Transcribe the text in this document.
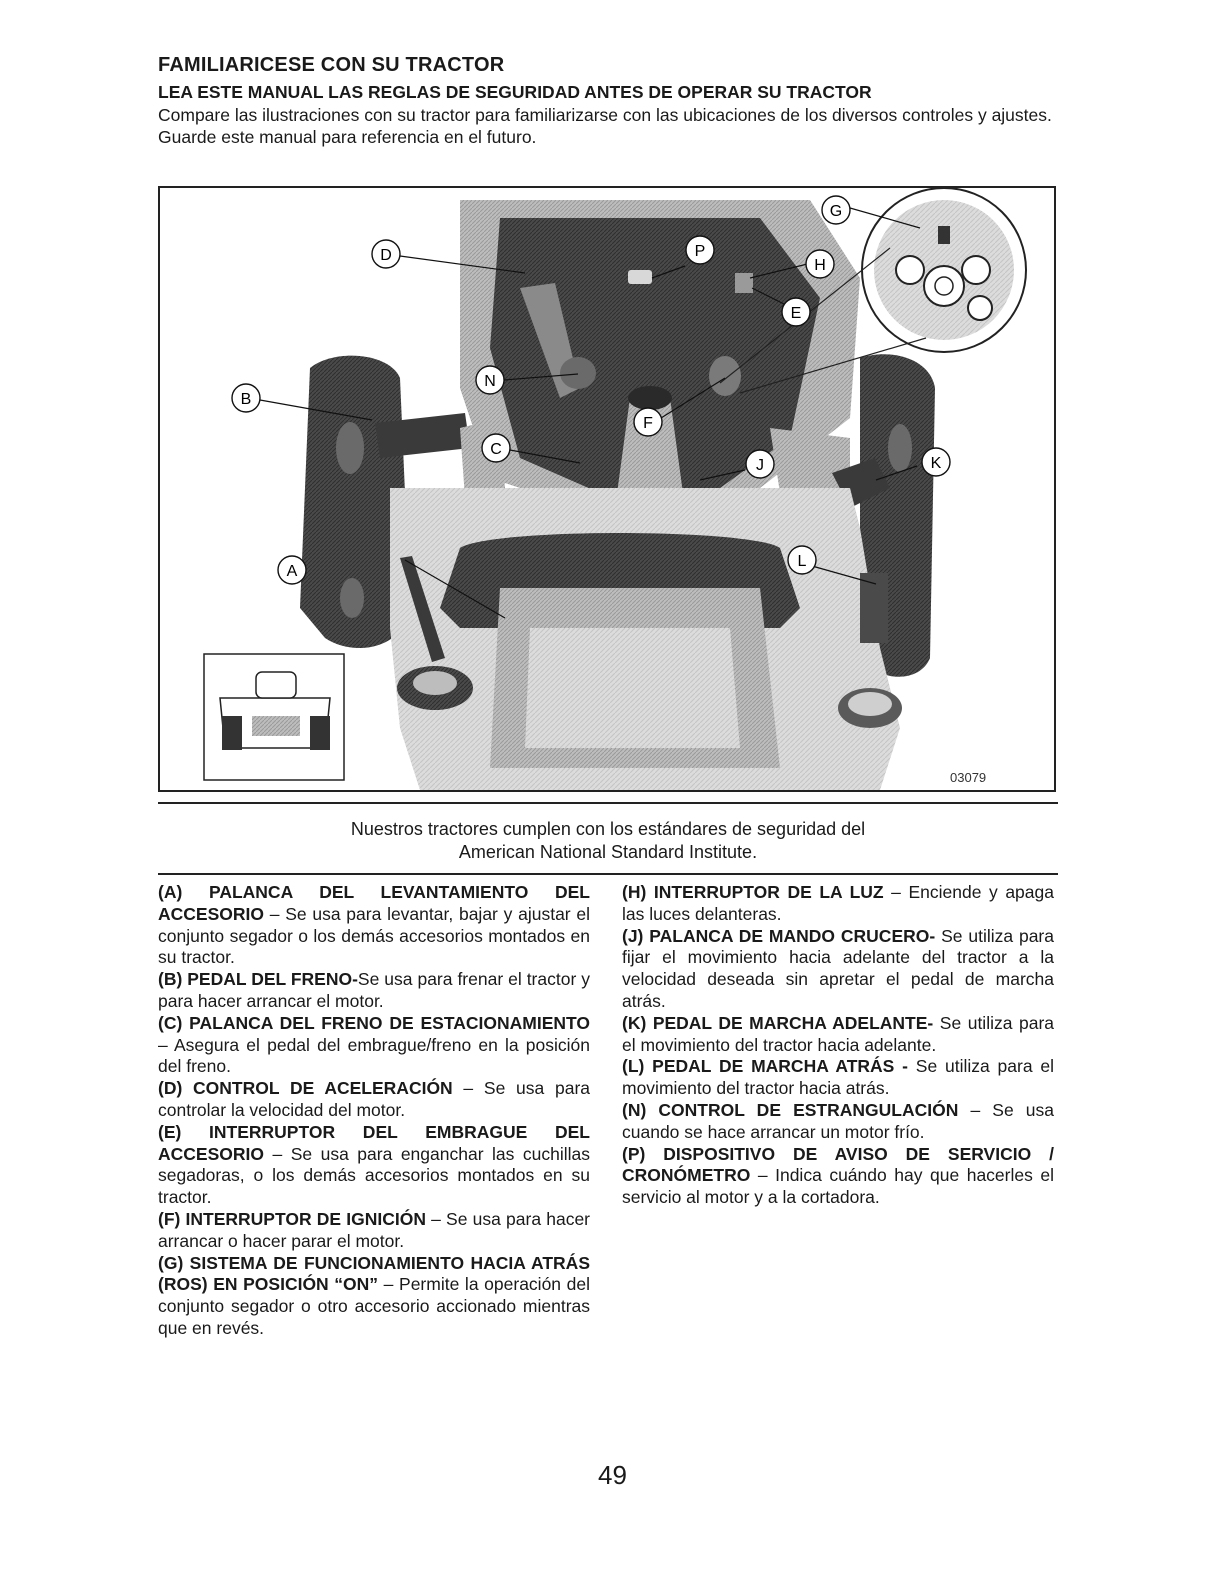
FAMILIARICESE CON SU TRACTOR
LEA ESTE MANUAL LAS REGLAS DE SEGURIDAD ANTES DE OPERAR SU TRACTOR

Compare las ilustraciones con su tractor para familiarizarse con las ubicaciones de los diversos controles y ajustes. Guarde este manual para referencia en el futuro.

A
B
C
D
E
F
G
H
J	K
L
N
P
03079

Nuestros tractores cumplen con los estándares de seguridad del
American National Standard Institute.

(A) PALANCA DEL LEVANTAMIENTO DEL ACCESORIO – Se usa para levantar, bajar y ajustar el conjunto segador o los demás accesorios montados en su tractor.

(B) PEDAL DEL FRENO-Se usa para frenar el tractor y para hacer arrancar el motor.

(C) PALANCA DEL FRENO DE ESTACIONAMIENTO – Asegura el pedal del embrague/freno en la posición del freno.

(D) CONTROL DE ACELERACIÓN – Se usa para controlar la velocidad del motor.

(E) INTERRUPTOR DEL EMBRAGUE DEL ACCESORIO – Se usa para enganchar las cuchillas segadoras, o los demás accesorios montados en su tractor.

(F) INTERRUPTOR DE IGNICIÓN – Se usa para hacer arrancar o hacer parar el motor.

(G) SISTEMA DE FUNCIONAMIENTO HACIA ATRÁS (ROS) EN POSICIÓN “ON” – Permite la operación del conjunto segador o otro accesorio accionado mientras que en revés.

(H) INTERRUPTOR DE LA LUZ – Enciende y apaga las luces delanteras.

(J) PALANCA DE MANDO CRUCERO- Se utiliza para fijar el movimiento hacia adelante del tractor a la velocidad deseada sin apretar el pedal de marcha atrás.

(K) PEDAL DE MARCHA ADELANTE- Se utiliza para el movimiento del tractor hacia adelante.

(L) PEDAL DE MARCHA ATRÁS - Se utiliza para el movimiento del tractor hacia atrás.

(N) CONTROL DE ESTRANGULACIÓN – Se usa cuando se hace arrancar un motor frío.

(P) DISPOSITIVO DE AVISO DE SERVICIO / CRONÓMETRO – Indica cuándo hay que hacerles el servicio al motor y a la cortadora.

49
